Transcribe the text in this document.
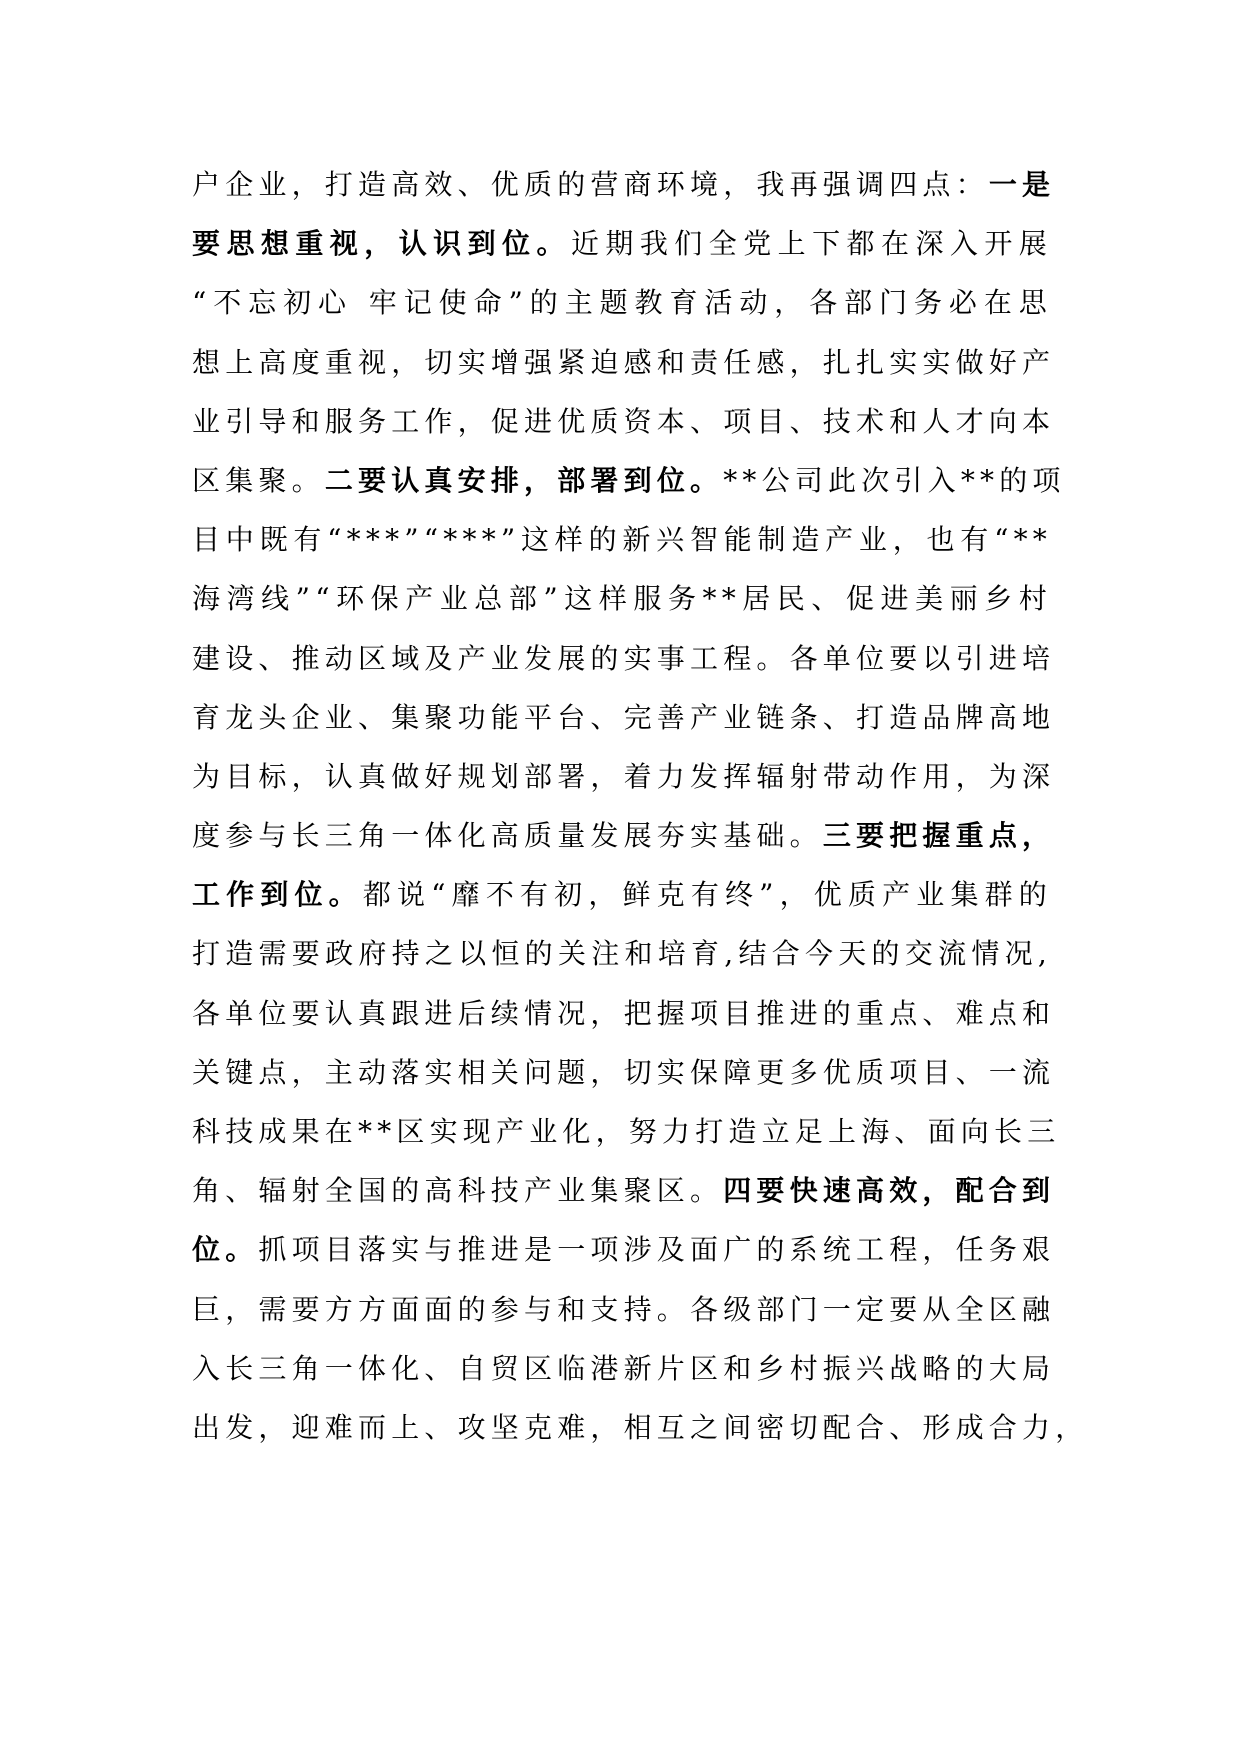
户企业，打造高效、优质的营商环境，我再强调四点：一是
要思想重视，认识到位。近期我们全党上下都在深入开展
“不忘初心 牢记使命”的主题教育活动，各部门务必在思
想上高度重视，切实增强紧迫感和责任感，扎扎实实做好产
业引导和服务工作，促进优质资本、项目、技术和人才向本
区集聚。二要认真安排，部署到位。**公司此次引入**的项
目中既有“***”“***”这样的新兴智能制造产业，也有“**
海湾线”“环保产业总部”这样服务**居民、促进美丽乡村
建设、推动区域及产业发展的实事工程。各单位要以引进培
育龙头企业、集聚功能平台、完善产业链条、打造品牌高地
为目标，认真做好规划部署，着力发挥辐射带动作用，为深
度参与长三角一体化高质量发展夯实基础。三要把握重点，
工作到位。都说“靡不有初，鲜克有终”，优质产业集群的
打造需要政府持之以恒的关注和培育,结合今天的交流情况,
各单位要认真跟进后续情况，把握项目推进的重点、难点和
关键点，主动落实相关问题，切实保障更多优质项目、一流
科技成果在**区实现产业化，努力打造立足上海、面向长三
角、辐射全国的高科技产业集聚区。四要快速高效，配合到
位。抓项目落实与推进是一项涉及面广的系统工程，任务艰
巨，需要方方面面的参与和支持。各级部门一定要从全区融
入长三角一体化、自贸区临港新片区和乡村振兴战略的大局
出发，迎难而上、攻坚克难，相互之间密切配合、形成合力，
